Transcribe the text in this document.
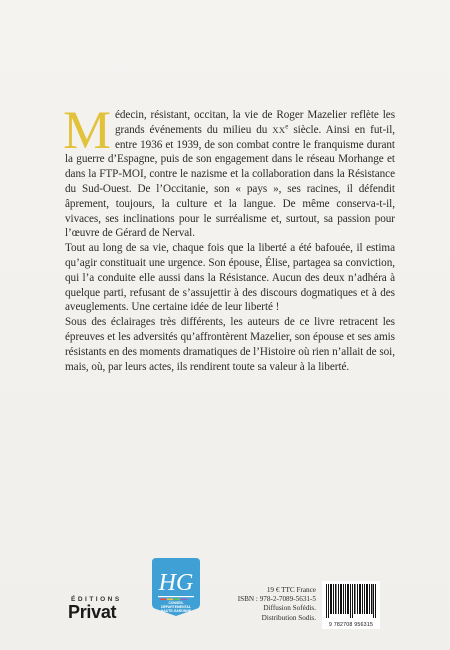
Médecin, résistant, occitan, la vie de Roger Mazelier reflète les grands événements du milieu du XXe siècle. Ainsi en fut-il, entre 1936 et 1939, de son combat contre le franquisme durant la guerre d’Espagne, puis de son engagement dans le réseau Morhange et dans la FTP-MOI, contre le nazisme et la collaboration dans la Résistance du Sud-Ouest. De l’Occitanie, son « pays », ses racines, il défendit âprement, toujours, la culture et la langue. De même conserva-t-il, vivaces, ses inclinations pour le surréalisme et, surtout, sa passion pour l’œuvre de Gérard de Nerval.

Tout au long de sa vie, chaque fois que la liberté a été bafouée, il estima qu’agir constituait une urgence. Son épouse, Élise, partagea sa conviction, qui l’a conduite elle aussi dans la Résistance. Aucun des deux n’adhéra à quelque parti, refusant de s’assujettir à des discours dogmatiques et à des aveuglements. Une certaine idée de leur liberté !

Sous des éclairages très différents, les auteurs de ce livre retracent les épreuves et les adversités qu’affrontèrent Mazelier, son épouse et ses amis résistants en des moments dramatiques de l’Histoire où rien n’allait de soi, mais, où, par leurs actes, ils rendirent toute sa valeur à la liberté.

ÉDITIONS
Privat
HG
CONSEIL DÉPARTEMENTAL HAUTE-GARONNE
19 € TTC France
ISBN : 978-2-7089-5631-5
Diffusion Sofédis.
Distribution Sodis.
9 782708 956315
